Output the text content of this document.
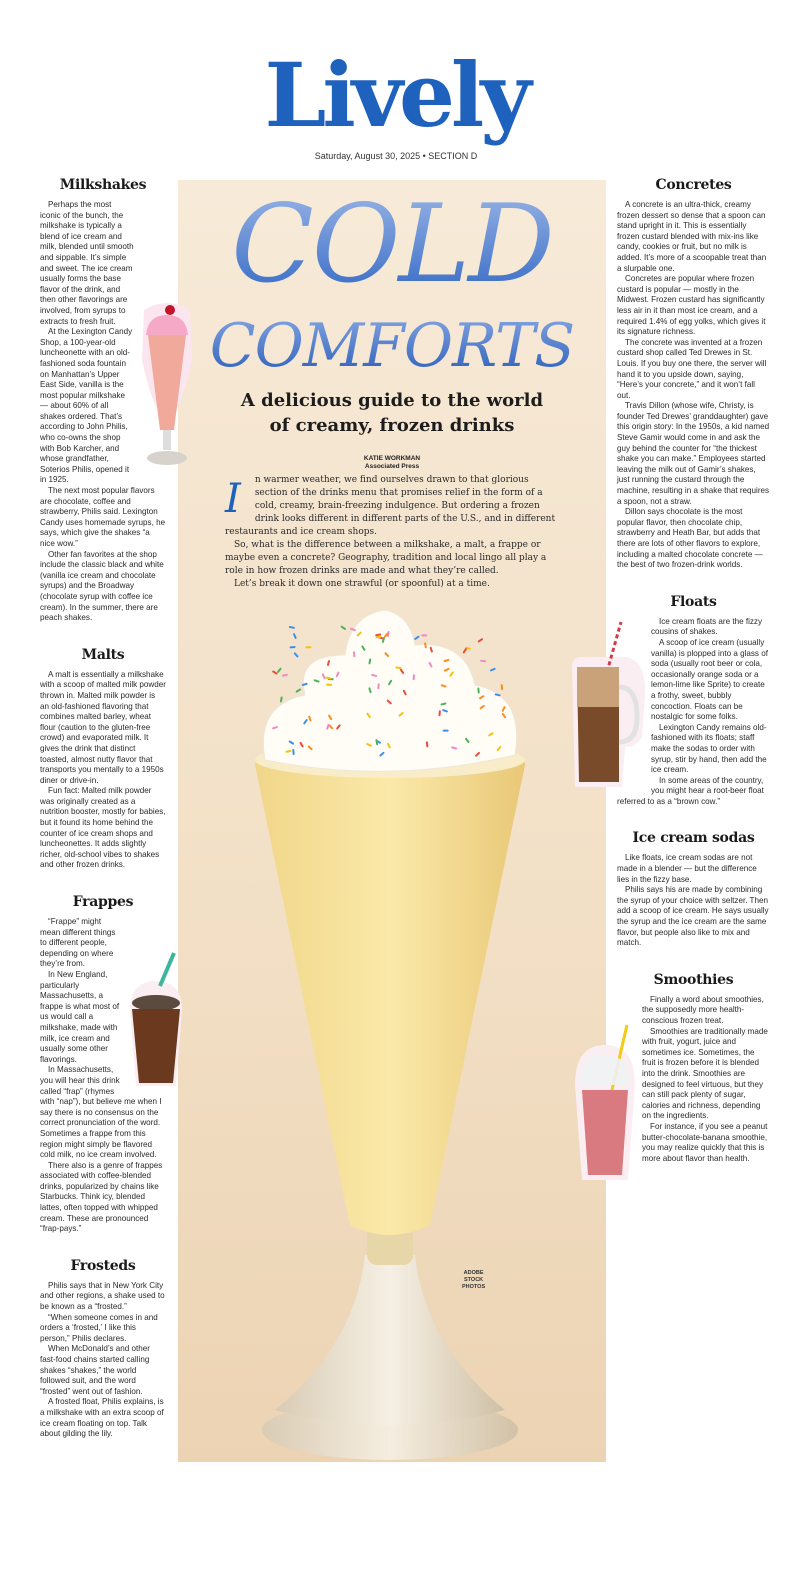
Lively
Saturday, August 30, 2025 • SECTION D
COLD
COMFORTS
A delicious guide to the world
of creamy, frozen drinks
KATIE WORKMAN
Associated Press

I	n warmer weather, we find ourselves drawn to that glorious section of the drinks menu that promises relief in the form of a cold, creamy, brain-freezing indulgence. But ordering a frozen drink looks different in different parts of the U.S., and in different restaurants and ice cream shops.

So, what is the difference between a milkshake, a malt, a frappe or maybe even a concrete? Geography, tradition and local lingo all play a role in how frozen drinks are made and what they’re called.

Let’s break it down one strawful (or spoonful) at a time.

ADOBE
STOCK
PHOTOS
Milkshakes

Perhaps the most iconic of the bunch, the milkshake is typically a blend of ice cream and milk, blended until smooth and sippable. It’s simple and sweet. The ice cream usually forms the base flavor of the drink, and then other flavorings are involved, from syrups to extracts to fresh fruit.

At the Lexington Candy Shop, a 100-year-old luncheonette with an old-fashioned soda fountain on Manhattan’s Upper East Side, vanilla is the most popular milkshake — about 60% of all shakes ordered. That’s according to John Philis, who co-owns the shop with Bob Karcher, and whose grandfather, Soterios Philis, opened it in 1925.

The next most popular flavors are chocolate, coffee and strawberry, Philis said. Lexington Candy uses homemade syrups, he says, which give the shakes “a nice wow.”

Other fan favorites at the shop include the classic black and white (vanilla ice cream and chocolate syrups) and the Broadway (chocolate syrup with coffee ice cream). In the summer, there are peach shakes.

Malts

A malt is essentially a milkshake with a scoop of malted milk powder thrown in. Malted milk powder is an old-fashioned flavoring that combines malted barley, wheat flour (caution to the gluten-free crowd) and evaporated milk. It gives the drink that distinct toasted, almost nutty flavor that transports you mentally to a 1950s diner or drive-in.

Fun fact: Malted milk powder was originally created as a nutrition booster, mostly for babies, but it found its home behind the counter of ice cream shops and luncheonettes. It adds slightly richer, old-school vibes to shakes and other frozen drinks.

Frappes

“Frappe” might mean different things to different people, depending on where they’re from.

In New England, particularly Massachusetts, a frappe is what most of us would call a milkshake, made with milk, ice cream and usually some other flavorings.

In Massachusetts, you will hear this drink called “frap” (rhymes with “nap”), but believe me when I say there is no consensus on the correct pronunciation of the word. Sometimes a frappe from this region might simply be flavored cold milk, no ice cream involved.

There also is a genre of frappes associated with coffee-blended drinks, popularized by chains like Starbucks. Think icy, blended lattes, often topped with whipped cream. These are pronounced “frap-pays.”

Frosteds

Philis says that in New York City and other regions, a shake used to be known as a “frosted.”

“When someone comes in and orders a ‘frosted,’ I like this person,” Philis declares.

When McDonald’s and other fast-food chains started calling shakes “shakes,” the world followed suit, and the word “frosted” went out of fashion.

A frosted float, Philis explains, is a milkshake with an extra scoop of ice cream floating on top. Talk about gilding the lily.

Concretes

A concrete is an ultra-thick, creamy frozen dessert so dense that a spoon can stand upright in it. This is essentially frozen custard blended with mix-ins like candy, cookies or fruit, but no milk is added. It’s more of a scoopable treat than a slurpable one.

Concretes are popular where frozen custard is popular — mostly in the Midwest. Frozen custard has significantly less air in it than most ice cream, and a required 1.4% of egg yolks, which gives it its signature richness.

The concrete was invented at a frozen custard shop called Ted Drewes in St. Louis. If you buy one there, the server will hand it to you upside down, saying, “Here’s your concrete,” and it won’t fall out.

Travis Dillon (whose wife, Christy, is founder Ted Drewes’ granddaughter) gave this origin story: In the 1950s, a kid named Steve Gamir would come in and ask the guy behind the counter for “the thickest shake you can make.” Employees started leaving the milk out of Gamir’s shakes, just running the custard through the machine, resulting in a shake that requires a spoon, not a straw.

Dillon says chocolate is the most popular flavor, then chocolate chip, strawberry and Heath Bar, but adds that there are lots of other flavors to explore, including a malted chocolate concrete — the best of two frozen-drink worlds.

Floats

Ice cream floats are the fizzy cousins of shakes.

A scoop of ice cream (usually vanilla) is plopped into a glass of soda (usually root beer or cola, occasionally orange soda or a lemon-lime like Sprite) to create a frothy, sweet, bubbly concoction. Floats can be nostalgic for some folks.

Lexington Candy remains old-fashioned with its floats; staff make the sodas to order with syrup, stir by hand, then add the ice cream.

In some areas of the country, you might hear a root-beer float referred to as a “brown cow.”

Ice cream sodas

Like floats, ice cream sodas are not made in a blender — but the difference lies in the fizzy base.

Philis says his are made by combining the syrup of your choice with seltzer. Then add a scoop of ice cream. He says usually the syrup and the ice cream are the same flavor, but people also like to mix and match.

Smoothies

Finally a word about smoothies, the supposedly more health-conscious frozen treat.

Smoothies are traditionally made with fruit, yogurt, juice and sometimes ice. Sometimes, the fruit is frozen before it is blended into the drink. Smoothies are designed to feel virtuous, but they can still pack plenty of sugar, calories and richness, depending on the ingredients.

For instance, if you see a peanut butter-chocolate-banana smoothie, you may realize quickly that this is more about flavor than health.
